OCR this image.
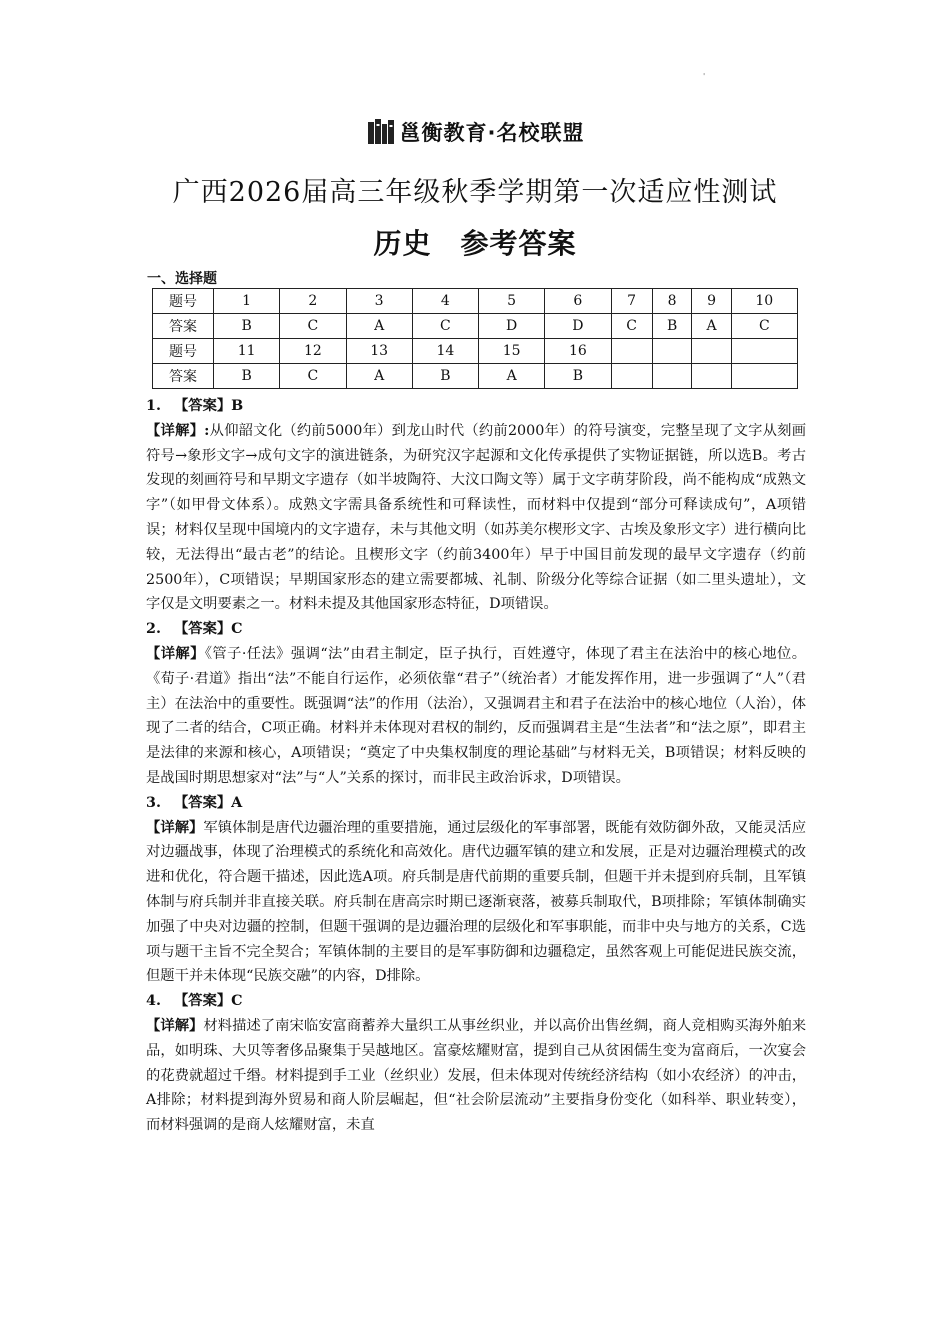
'
邕衡教育·名校联盟
广西2026届高三年级秋季学期第一次适应性测试
历史　参考答案
一、选择题
题号	1	2	3	4	5	6	7	8	9	10
答案	B	C	A	C	D	D	C	B	A	C
题号	11	12	13	14	15	16				
答案	B	C	A	B	A	B				

1. 【答案】B

【详解】:从仰韶文化（约前5000年）到龙山时代（约前2000年）的符号演变，完整呈现了文字从刻画符号→象形文字→成句文字的演进链条，为研究汉字起源和文化传承提供了实物证据链，所以选B。考古发现的刻画符号和早期文字遗存（如半坡陶符、大汶口陶文等）属于文字萌芽阶段，尚不能构成“成熟文字”（如甲骨文体系）。成熟文字需具备系统性和可释读性，而材料中仅提到“部分可释读成句”，A项错误；材料仅呈现中国境内的文字遗存，未与其他文明（如苏美尔楔形文字、古埃及象形文字）进行横向比较，无法得出“最古老”的结论。且楔形文字（约前3400年）早于中国目前发现的最早文字遗存（约前2500年），C项错误；早期国家形态的建立需要都城、礼制、阶级分化等综合证据（如二里头遗址），文字仅是文明要素之一。材料未提及其他国家形态特征，D项错误。

2. 【答案】C

【详解】《管子·任法》强调“法”由君主制定，臣子执行，百姓遵守，体现了君主在法治中的核心地位。《荀子·君道》指出“法”不能自行运作，必须依靠“君子”（统治者）才能发挥作用，进一步强调了“人”（君主）在法治中的重要性。既强调“法”的作用（法治），又强调君主和君子在法治中的核心地位（人治），体现了二者的结合，C项正确。材料并未体现对君权的制约，反而强调君主是“生法者”和“法之原”，即君主是法律的来源和核心，A项错误；“奠定了中央集权制度的理论基础”与材料无关，B项错误；材料反映的是战国时期思想家对“法”与“人”关系的探讨，而非民主政治诉求，D项错误。

3. 【答案】A

【详解】军镇体制是唐代边疆治理的重要措施，通过层级化的军事部署，既能有效防御外敌，又能灵活应对边疆战事，体现了治理模式的系统化和高效化。唐代边疆军镇的建立和发展，正是对边疆治理模式的改进和优化，符合题干描述，因此选A项。府兵制是唐代前期的重要兵制，但题干并未提到府兵制，且军镇体制与府兵制并非直接关联。府兵制在唐高宗时期已逐渐衰落，被募兵制取代，B项排除；军镇体制确实加强了中央对边疆的控制，但题干强调的是边疆治理的层级化和军事职能，而非中央与地方的关系，C选项与题干主旨不完全契合；军镇体制的主要目的是军事防御和边疆稳定，虽然客观上可能促进民族交流，但题干并未体现“民族交融”的内容，D排除。

4. 【答案】C

【详解】材料描述了南宋临安富商蓄养大量织工从事丝织业，并以高价出售丝绸，商人竞相购买海外舶来品，如明珠、大贝等奢侈品聚集于吴越地区。富豪炫耀财富，提到自己从贫困儒生变为富商后，一次宴会的花费就超过千缗。材料提到手工业（丝织业）发展，但未体现对传统经济结构（如小农经济）的冲击，A排除；材料提到海外贸易和商人阶层崛起，但“社会阶层流动”主要指身份变化（如科举、职业转变），而材料强调的是商人炫耀财富，未直
